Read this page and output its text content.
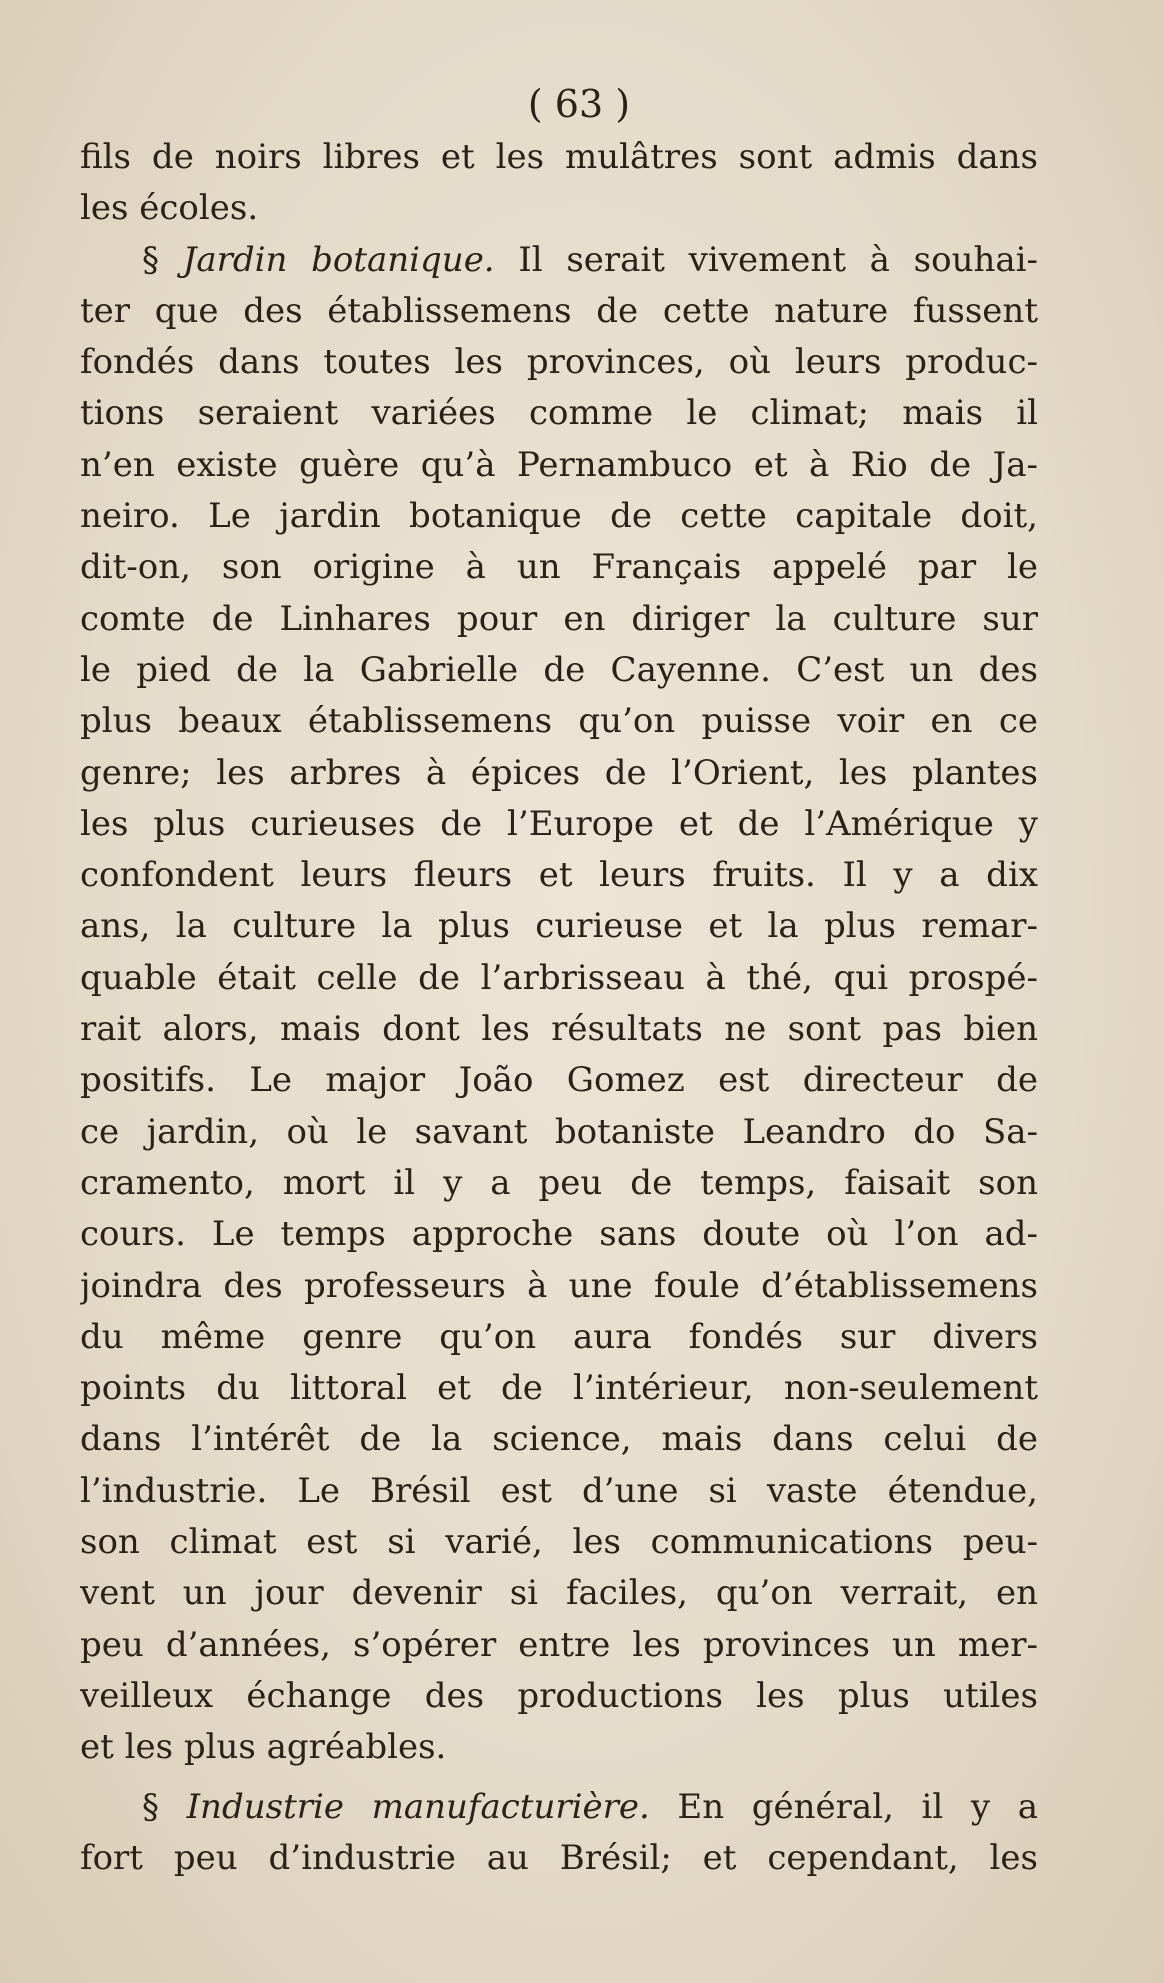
( 63 )
fils de noirs libres et les mulâtres sont admis dans
les écoles.
§ Jardin botanique. Il serait vivement à souhai-
ter que des établissemens de cette nature fussent
fondés dans toutes les provinces, où leurs produc-
tions seraient variées comme le climat; mais il
n’en existe guère qu’à Pernambuco et à Rio de Ja-
neiro. Le jardin botanique de cette capitale doit,
dit-on, son origine à un Français appelé par le
comte de Linhares pour en diriger la culture sur
le pied de la Gabrielle de Cayenne. C’est un des
plus beaux établissemens qu’on puisse voir en ce
genre; les arbres à épices de l’Orient, les plantes
les plus curieuses de l’Europe et de l’Amérique y
confondent leurs fleurs et leurs fruits. Il y a dix
ans, la culture la plus curieuse et la plus remar-
quable était celle de l’arbrisseau à thé, qui prospé-
rait alors, mais dont les résultats ne sont pas bien
positifs. Le major João Gomez est directeur de
ce jardin, où le savant botaniste Leandro do Sa-
cramento, mort il y a peu de temps, faisait son
cours. Le temps approche sans doute où l’on ad-
joindra des professeurs à une foule d’établissemens
du même genre qu’on aura fondés sur divers
points du littoral et de l’intérieur, non-seulement
dans l’intérêt de la science, mais dans celui de
l’industrie. Le Brésil est d’une si vaste étendue,
son climat est si varié, les communications peu-
vent un jour devenir si faciles, qu’on verrait, en
peu d’années, s’opérer entre les provinces un mer-
veilleux échange des productions les plus utiles
et les plus agréables.
§ Industrie manufacturière. En général, il y a
fort peu d’industrie au Brésil; et cependant, les
